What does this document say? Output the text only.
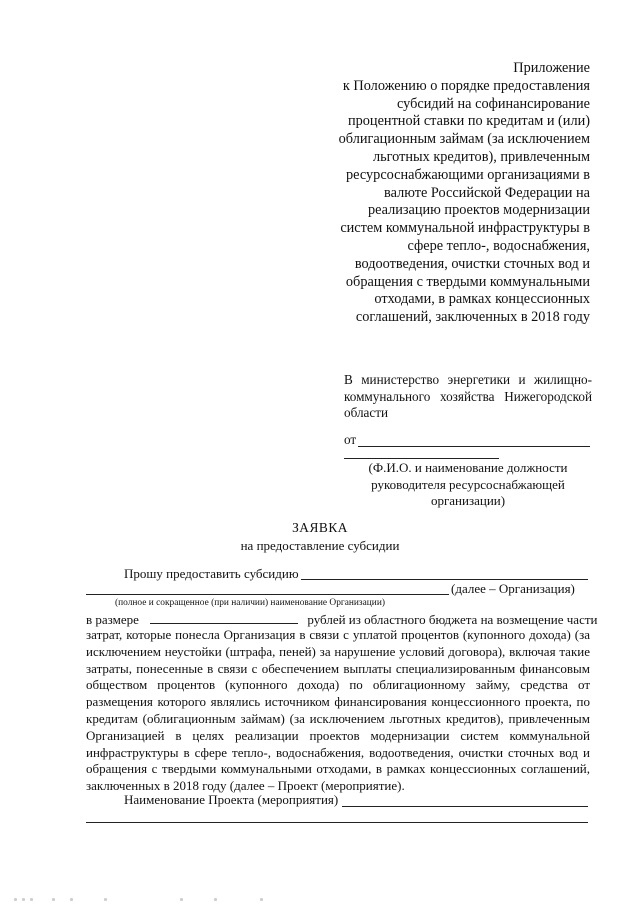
Приложение
к Положению о порядке предоставления
субсидий на софинансирование
процентной ставки по кредитам и (или)
облигационным займам (за исключением
льготных кредитов), привлеченным
ресурсоснабжающими организациями в
валюте Российской Федерации на
реализацию проектов модернизации
систем коммунальной инфраструктуры в
сфере тепло-, водоснабжения,
водоотведения, очистки сточных вод и
обращения с твердыми коммунальными
отходами, в рамках концессионных
соглашений, заключенных в 2018 году
В министерство энергетики и жилищно-коммунального хозяйства Нижегородской области
от
(Ф.И.О. и наименование должности руководителя ресурсоснабжающей организации)
ЗАЯВКА
на предоставление субсидии
Прошу предоставить субсидию
(далее – Организация)
(полное и сокращенное (при наличии) наименование Организации)
в размере	рублей из областного бюджета на возмещение части
затрат, которые понесла Организация в связи с уплатой процентов (купонного дохода) (за
исключением неустойки (штрафа, пеней) за нарушение условий договора), включая такие
затраты, понесенные в связи с обеспечением выплаты специализированным финансовым
обществом процентов (купонного дохода) по облигационному займу, средства от
размещения которого являлись источником финансирования концессионного проекта, по
кредитам (облигационным займам) (за исключением льготных кредитов), привлеченным
Организацией в целях реализации проектов модернизации систем коммунальной
инфраструктуры в сфере тепло-, водоснабжения, водоотведения, очистки сточных вод и
обращения с твердыми коммунальными отходами, в рамках концессионных соглашений,
заключенных в 2018 году (далее – Проект (мероприятие).
Наименование Проекта (мероприятия)
